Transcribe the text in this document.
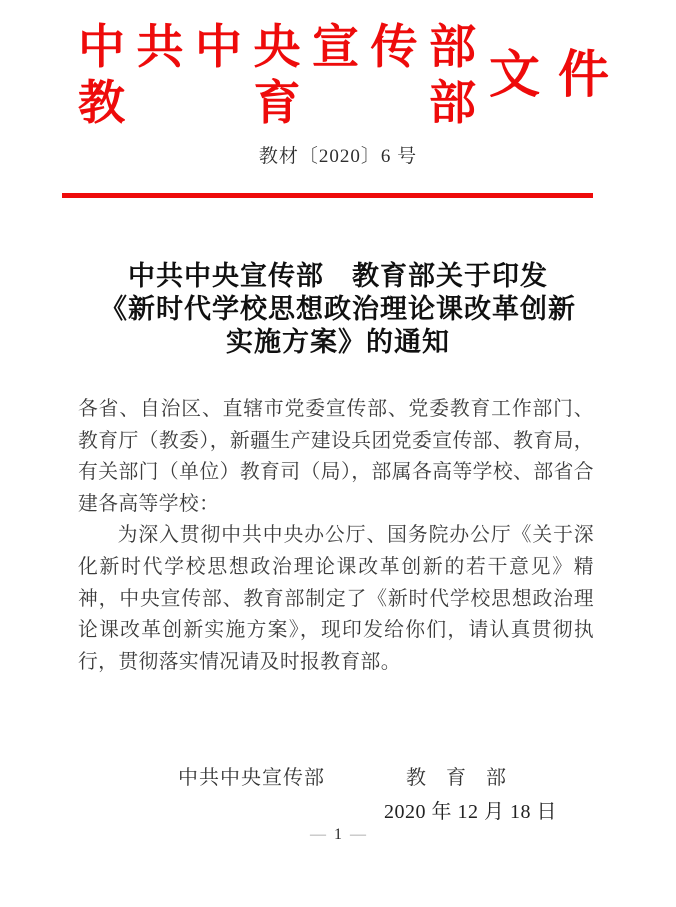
中 共 中 央 宣 传 部
教	育	部 文 件
教材〔2020〕6 号
中共中央宣传部　教育部关于印发
《新时代学校思想政治理论课改革创新
实施方案》的通知

各省、自治区、直辖市党委宣传部、党委教育工作部门、教育厅（教委），新疆生产建设兵团党委宣传部、教育局，有关部门（单位）教育司（局），部属各高等学校、部省合建各高等学校：

为深入贯彻中共中央办公厅、国务院办公厅《关于深化新时代学校思想政治理论课改革创新的若干意见》精神，中央宣传部、教育部制定了《新时代学校思想政治理论课改革创新实施方案》，现印发给你们，请认真贯彻执行，贯彻落实情况请及时报教育部。

中共中央宣传部	教　育　部
2020 年 12 月 18 日
— 1 —
